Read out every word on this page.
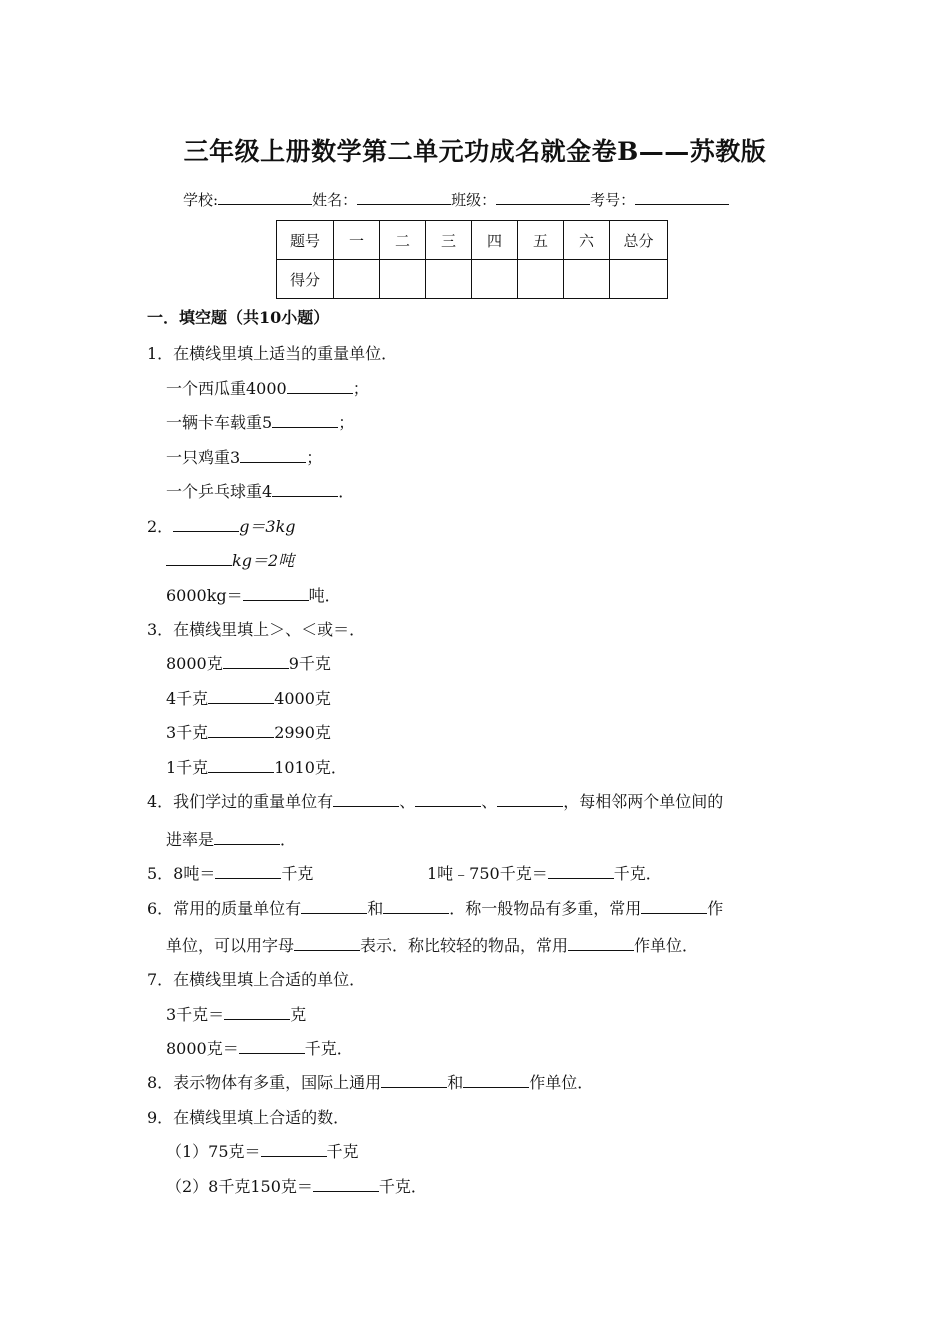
三年级上册数学第二单元功成名就金卷B——苏教版
学校:	姓名：	班级：	考号：
题号	一	二	三	四	五	六	总分
得分							
一．填空题（共10小题）
1．在横线里填上适当的重量单位．
一个西瓜重4000	；
一辆卡车载重5	；
一只鸡重3	；
一个乒乓球重4	．
2．	g＝3kg
kg＝2吨
6000kg＝	吨．
3．在横线里填上＞、＜或＝．
8000克	9千克
4千克	4000克
3千克	2990克
1千克	1010克．
4．我们学过的重量单位有	、	、	，每相邻两个单位间的
进率是	．
5．8吨＝	千克	1吨﹣750千克＝	千克．
6．常用的质量单位有	和	．称一般物品有多重，常用	作
单位，可以用字母	表示．称比较轻的物品，常用	作单位．
7．在横线里填上合适的单位．
3千克＝	克
8000克＝	千克．
8．表示物体有多重，国际上通用	和	作单位．
9．在横线里填上合适的数．
（1）75克＝	千克
（2）8千克150克＝	千克．
